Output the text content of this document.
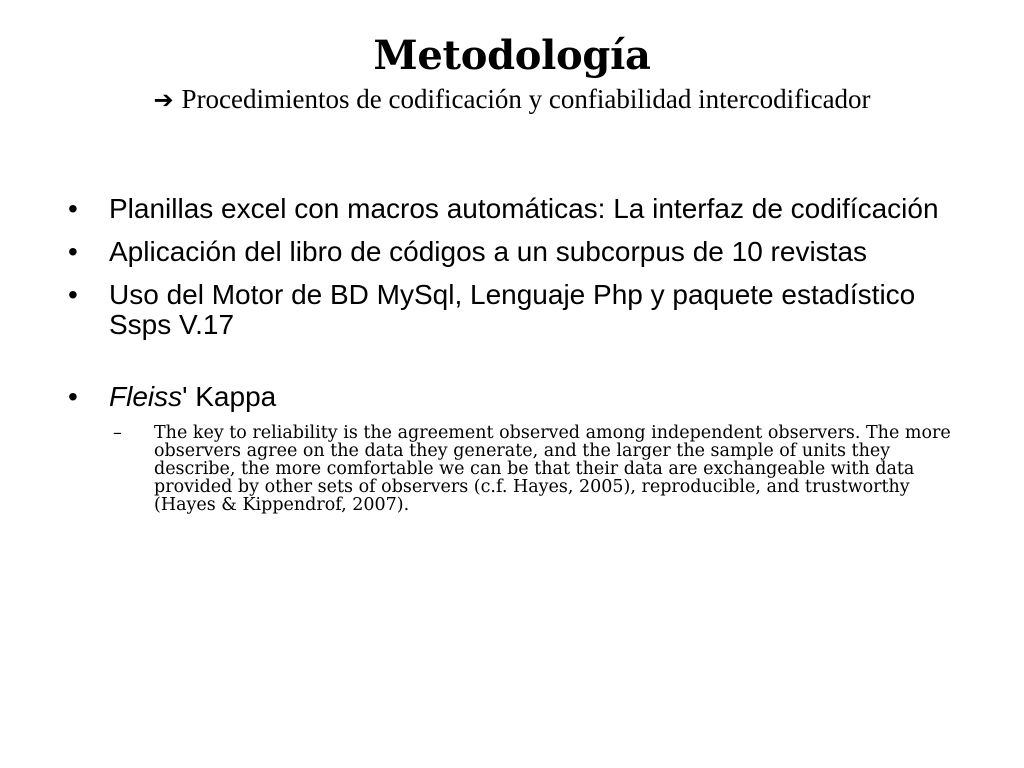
Metodología
➔ Procedimientos de codificación y confiabilidad intercodificador
• Planillas excel con macros automáticas: La interfaz de codifícación
• Aplicación del libro de códigos a un subcorpus de 10 revistas
• Uso del Motor de BD MySql, Lenguaje Php y paquete estadístico Ssps V.17
• Fleiss' Kappa
– The key to reliability is the agreement observed among independent observers. The more observers agree on the data they generate, and the larger the sample of units they describe, the more comfortable we can be that their data are exchangeable with data provided by other sets of observers (c.f. Hayes, 2005), reproducible, and trustworthy (Hayes & Kippendrof, 2007).
